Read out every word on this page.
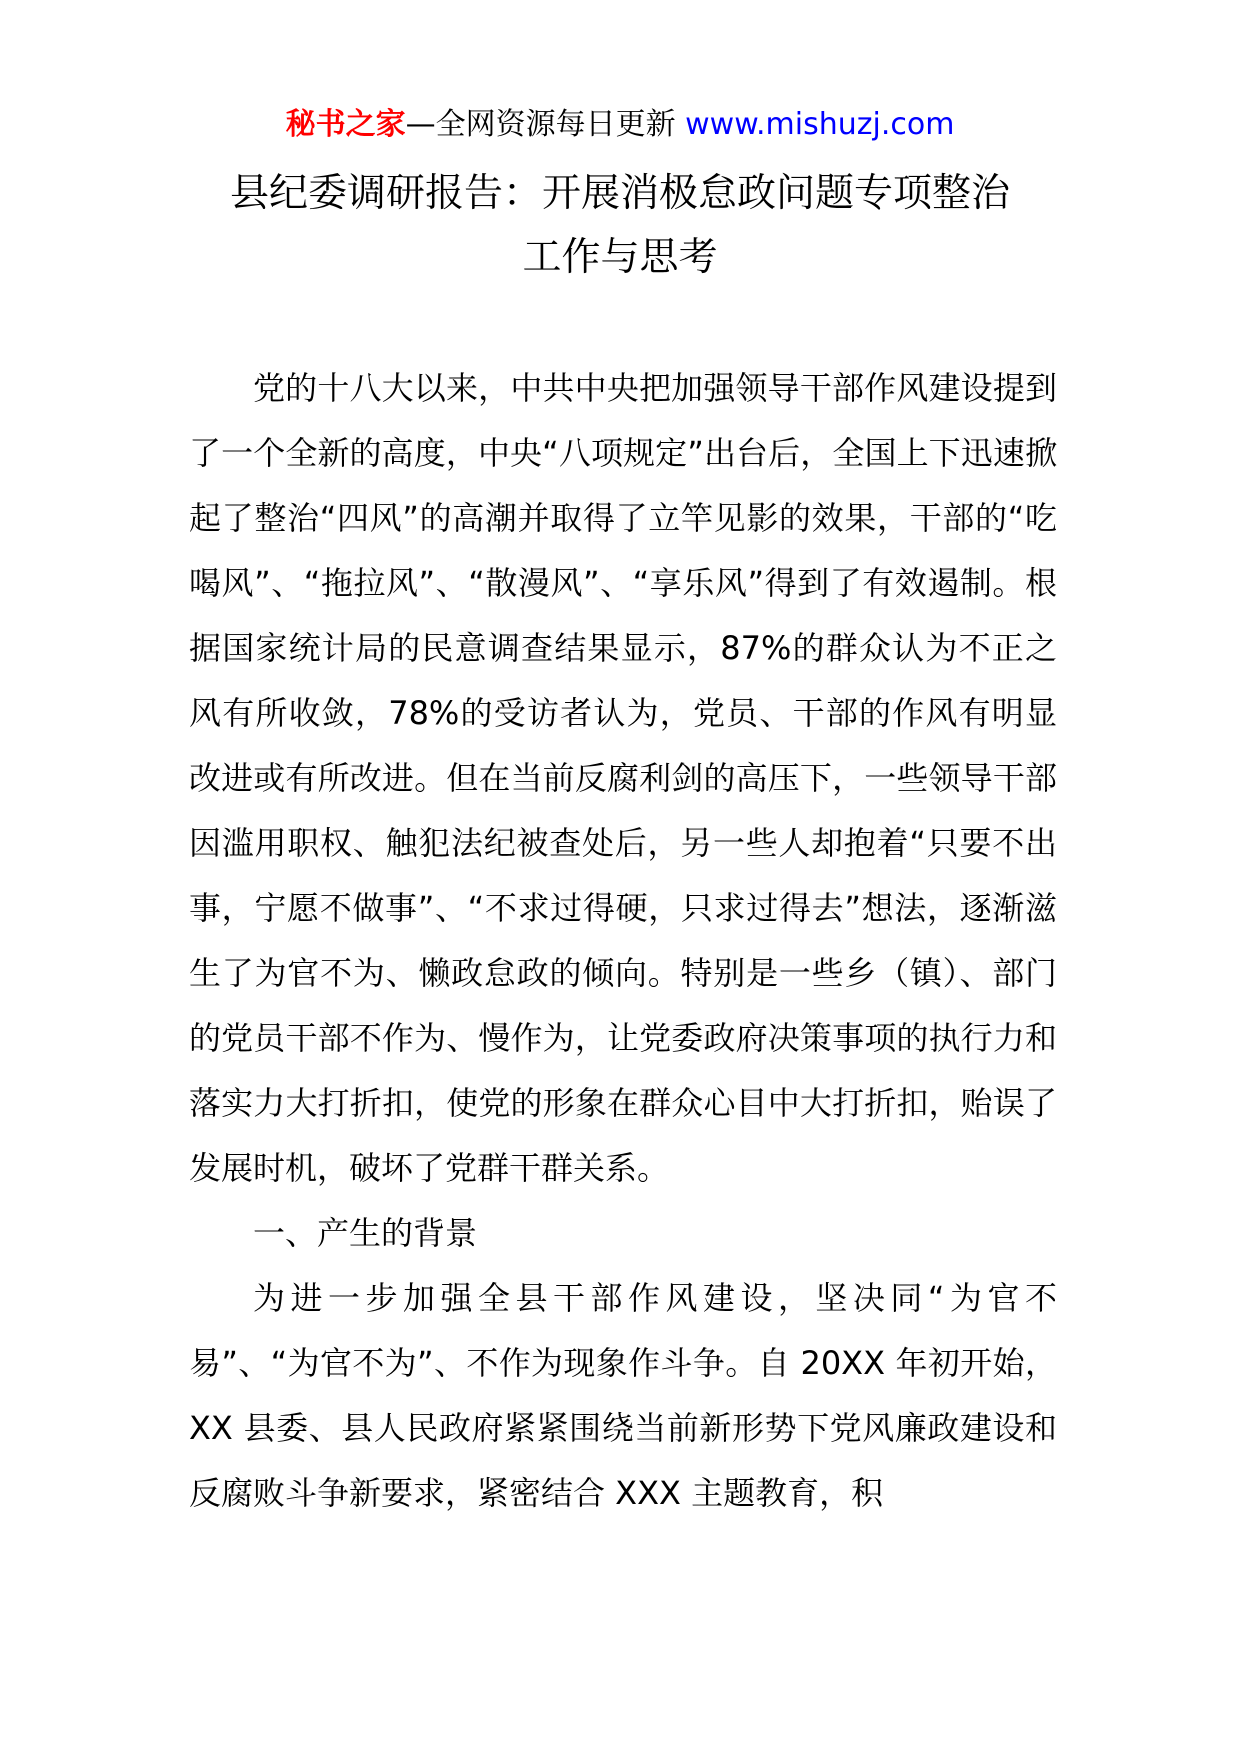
秘书之家—全网资源每日更新 www.mishuzj.com
县纪委调研报告：开展消极怠政问题专项整治
工作与思考

党的十八大以来，中共中央把加强领导干部作风建设提到了一个全新的高度，中央“八项规定”出台后，全国上下迅速掀起了整治“四风”的高潮并取得了立竿见影的效果，干部的“吃喝风”、“拖拉风”、“散漫风”、“享乐风”得到了有效遏制。根据国家统计局的民意调查结果显示，87%的群众认为不正之风有所收敛，78%的受访者认为，党员、干部的作风有明显改进或有所改进。但在当前反腐利剑的高压下，一些领导干部因滥用职权、触犯法纪被查处后，另一些人却抱着“只要不出事，宁愿不做事”、“不求过得硬，只求过得去”想法，逐渐滋生了为官不为、懒政怠政的倾向。特别是一些乡（镇）、部门的党员干部不作为、慢作为，让党委政府决策事项的执行力和落实力大打折扣，使党的形象在群众心目中大打折扣，贻误了发展时机，破坏了党群干群关系。

一、产生的背景

为进一步加强全县干部作风建设，坚决同“为官不易”、“为官不为”、不作为现象作斗争。自 20XX 年初开始，XX 县委、县人民政府紧紧围绕当前新形势下党风廉政建设和反腐败斗争新要求，紧密结合 XXX 主题教育，积
